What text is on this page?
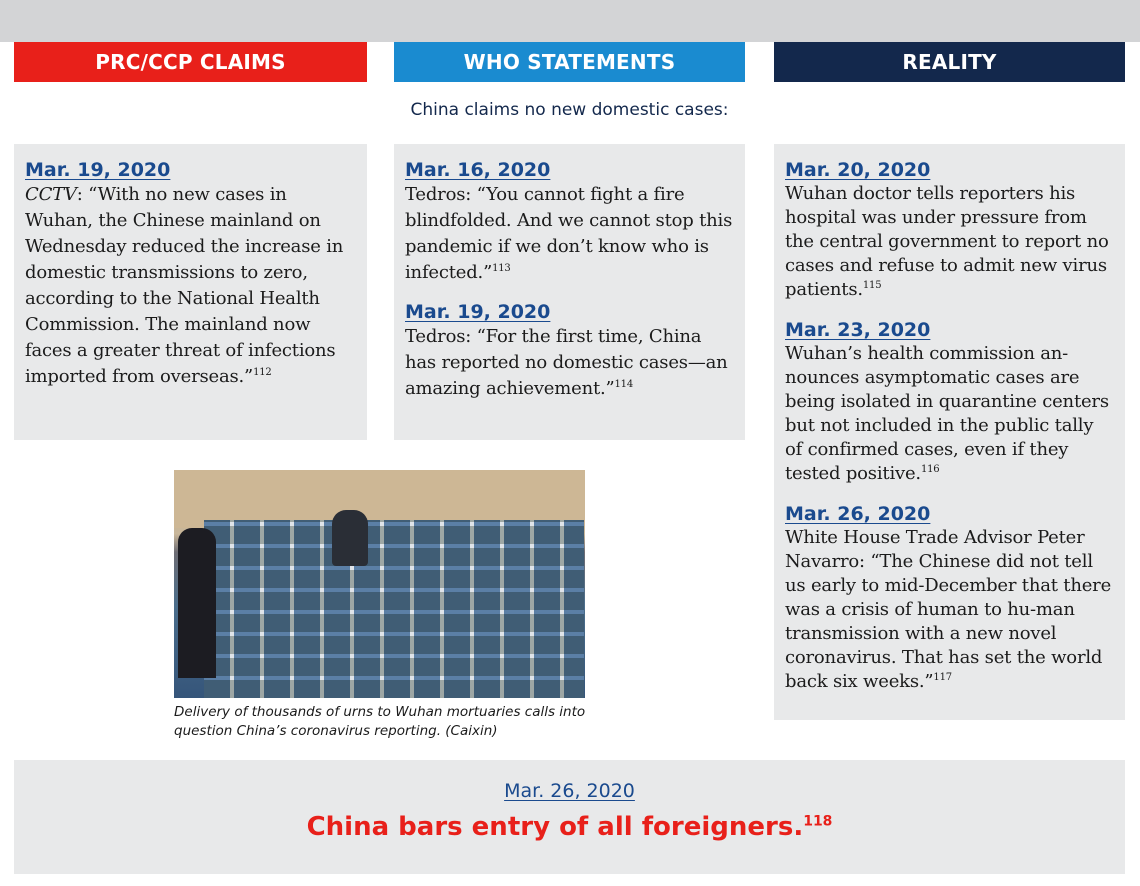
PRC/CCP CLAIMS	WHO STATEMENTS	REALITY
China claims no new domestic cases:
Mar. 19, 2020
CCTV: “With no new cases in Wuhan, the Chinese mainland on Wednesday reduced the increase in domestic transmissions to zero, according to the National Health Commission. The mainland now faces a greater threat of infections imported from overseas.”$^{112}$
Mar. 16, 2020
Tedros: “You cannot fight a fire blindfolded. And we cannot stop this pandemic if we don’t know who is infected.”$^{113}$
Mar. 19, 2020
Tedros: “For the first time, China has reported no domestic cases—an amazing achievement.”$^{114}$
Mar. 20, 2020
Wuhan doctor tells reporters his hospital was under pressure from the central government to report no cases and refuse to admit new virus patients.$^{115}$
Mar. 23, 2020
Wuhan’s health commission an-nounces asymptomatic cases are being isolated in quarantine centers but not included in the public tally of confirmed cases, even if they tested positive.$^{116}$
Mar. 26, 2020
White House Trade Advisor Peter Navarro: “The Chinese did not tell us early to mid-December that there was a crisis of human to hu-man transmission with a new novel coronavirus. That has set the world back six weeks.”$^{117}$
Delivery of thousands of urns to Wuhan mortuaries calls into question China’s coronavirus reporting. (Caixin)
Mar. 26, 2020
China bars entry of all foreigners.$^{118}$
